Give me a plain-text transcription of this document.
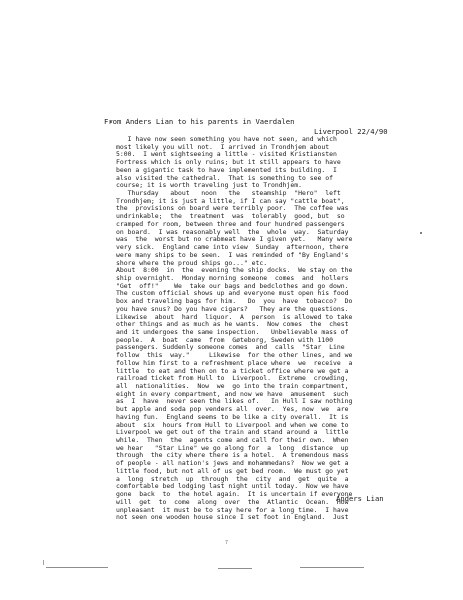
From Anders Lian to his parents in Vaerdalen
Liverpool 22/4/90
I have now seen something you have not seen, and which
most likely you will not.  I arrived in Trondhjem about
5:00.  I went sightseeing a little - visited Kristiansten
Fortress which is only ruins; but it still appears to have
been a gigantic task to have implemented its building.  I
also visited the cathedral.  That is something to see of
course; it is worth traveling just to Trondhjem.
Thursday   about   noon   the   steamship  "Hero"  left
Trondhjem; it is just a little, if I can say "cattle boat",
the  provisions on board were terribly poor.  The coffee was
undrinkable;  the  treatment  was  tolerably  good, but  so
cramped for room, between three and four hundred passengers
on board.  I was reasonably well  the  whole  way.  Saturday
was  the  worst but no crabmeat have I given yet.   Many were
very sick.  England came into view  Sunday  afternoon, there
were many ships to be seen.  I was reminded of "By England's
shore where the proud ships go..." etc.
About  8:00  in  the  evening the ship docks.  We stay on the
ship overnight.  Monday morning someone  comes  and  hollers
"Get  off!"    We  take our bags and bedclothes and go down.
The custom official shows up and everyone must open his food
box and traveling bags for him.   Do  you  have  tobacco?  Do
you have snus? Do you have cigars?   They are the questions.
Likewise  about  hard  liquor.  A  person  is allowed to take
other things and as much as he wants.  Now comes  the  chest
and it undergoes the same inspection.   Unbelievable mass of
people.  A  boat  came  from  Gøteborg, Sweden with 1100
passengers. Suddenly someone comes  and  calls  "Star  Line
follow  this  way."     Likewise  for the other lines, and we
follow him first to a refreshment place where  we  receive  a
little  to eat and then on to a ticket office where we get a
railroad ticket from Hull to  Liverpool.  Extreme  crowding,
all  nationalities.  Now  we  go into the train compartment,
eight in every compartment, and now we have  amusement  such
as  I  have  never seen the likes of.   In Hull I saw nothing
but apple and soda pop venders all  over.  Yes, now  we  are
having fun.  England seems to be like a city overall.  It is
about  six  hours from Hull to Liverpool and when we come to
Liverpool we get out of the train and stand around a  little
while.  Then  the  agents come and call for their own.  When
we hear   "Star Line" we go along for  a  long  distance  up
through  the city where there is a hotel.  A tremendous mass
of people - all nation's jews and mohammedans?  Now we get a
little food, but not all of us get bed room.  We must go yet
a  long  stretch  up  through  the  city  and  get  quite  a
comfortable bed lodging last night until today.  Now we have
gone  back  to  the hotel again.  It is uncertain if everyone
will  get  to  come  along  over  the  Atlantic  Ocean.  How
unpleasant  it must be to stay here for a long time.  I have
not seen one wooden house since I set foot in England.  Just
Anders Lian
7
